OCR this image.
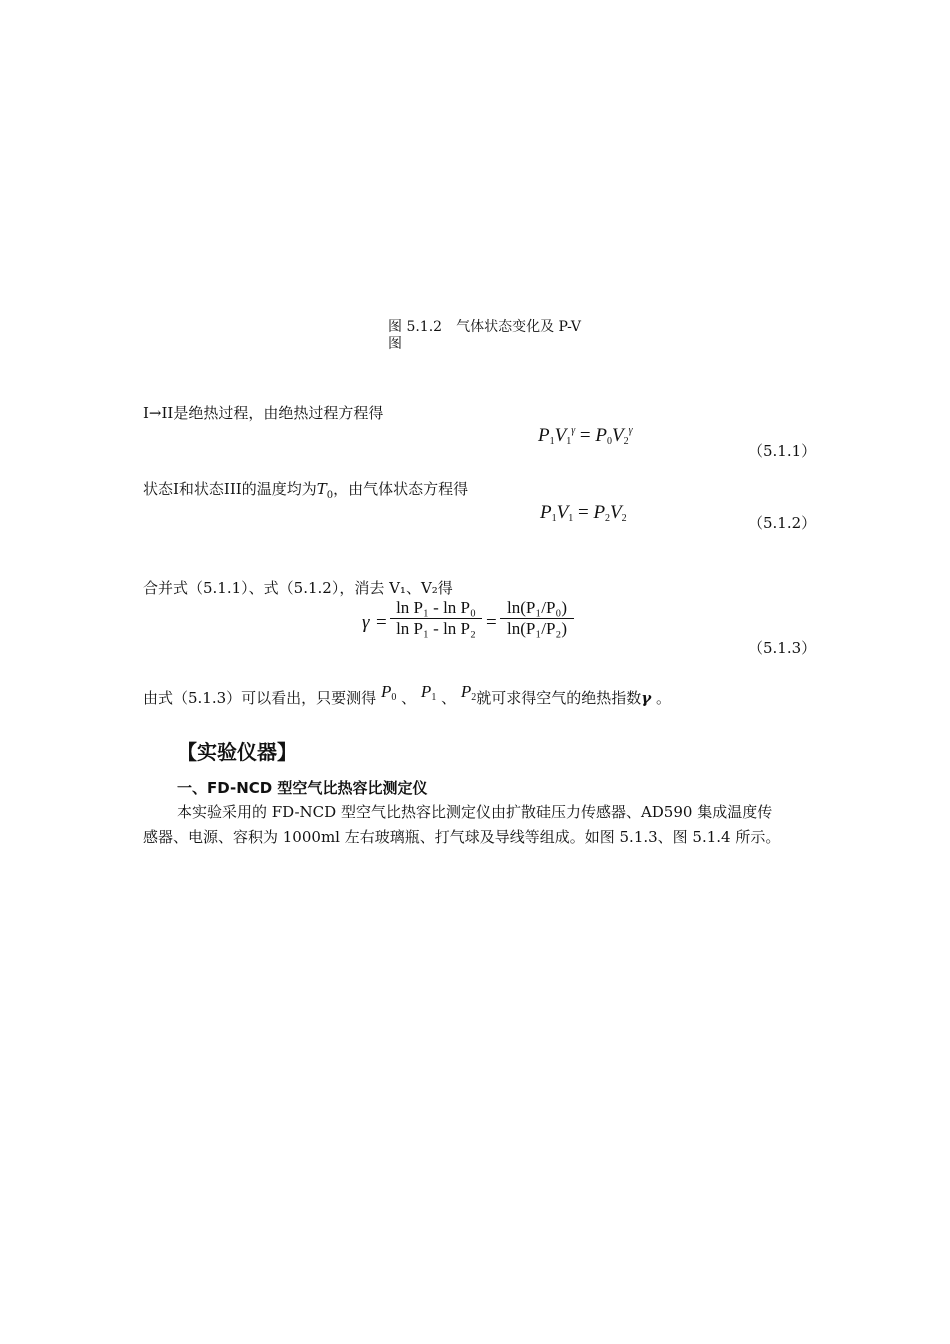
图 5.1.2　气体状态变化及 P-V
图
Ⅰ→ⅠⅠ是绝热过程，由绝热过程方程得
$P_1V_1^\gamma = P_0V_2^\gamma$
（5.1.1）
状态Ⅰ和状态ⅠⅠⅠ的温度均为$T_0$，由气体状态方程得
$P_1V_1 = P_2V_2$	（5.1.2）
合并式（5.1.1）、式（5.1.2），消去 V₁、V₂得
γ =
ln P₁ - ln P₀
ln P₁ - ln P₂ =
ln(P₁/P₀)
ln(P₁/P₂)
（5.1.3）
由式（5.1.3）可以看出，只要测得 $P_0$ 、 $P_1$ 、 $P_2$就可求得空气的绝热指数γ 。
【实验仪器】
一、FD-NCD 型空气比热容比测定仪
本实验采用的 FD-NCD 型空气比热容比测定仪由扩散硅压力传感器、AD590 集成温度传
感器、电源、容积为 1000ml 左右玻璃瓶、打气球及导线等组成。如图 5.1.3、图 5.1.4 所示。
